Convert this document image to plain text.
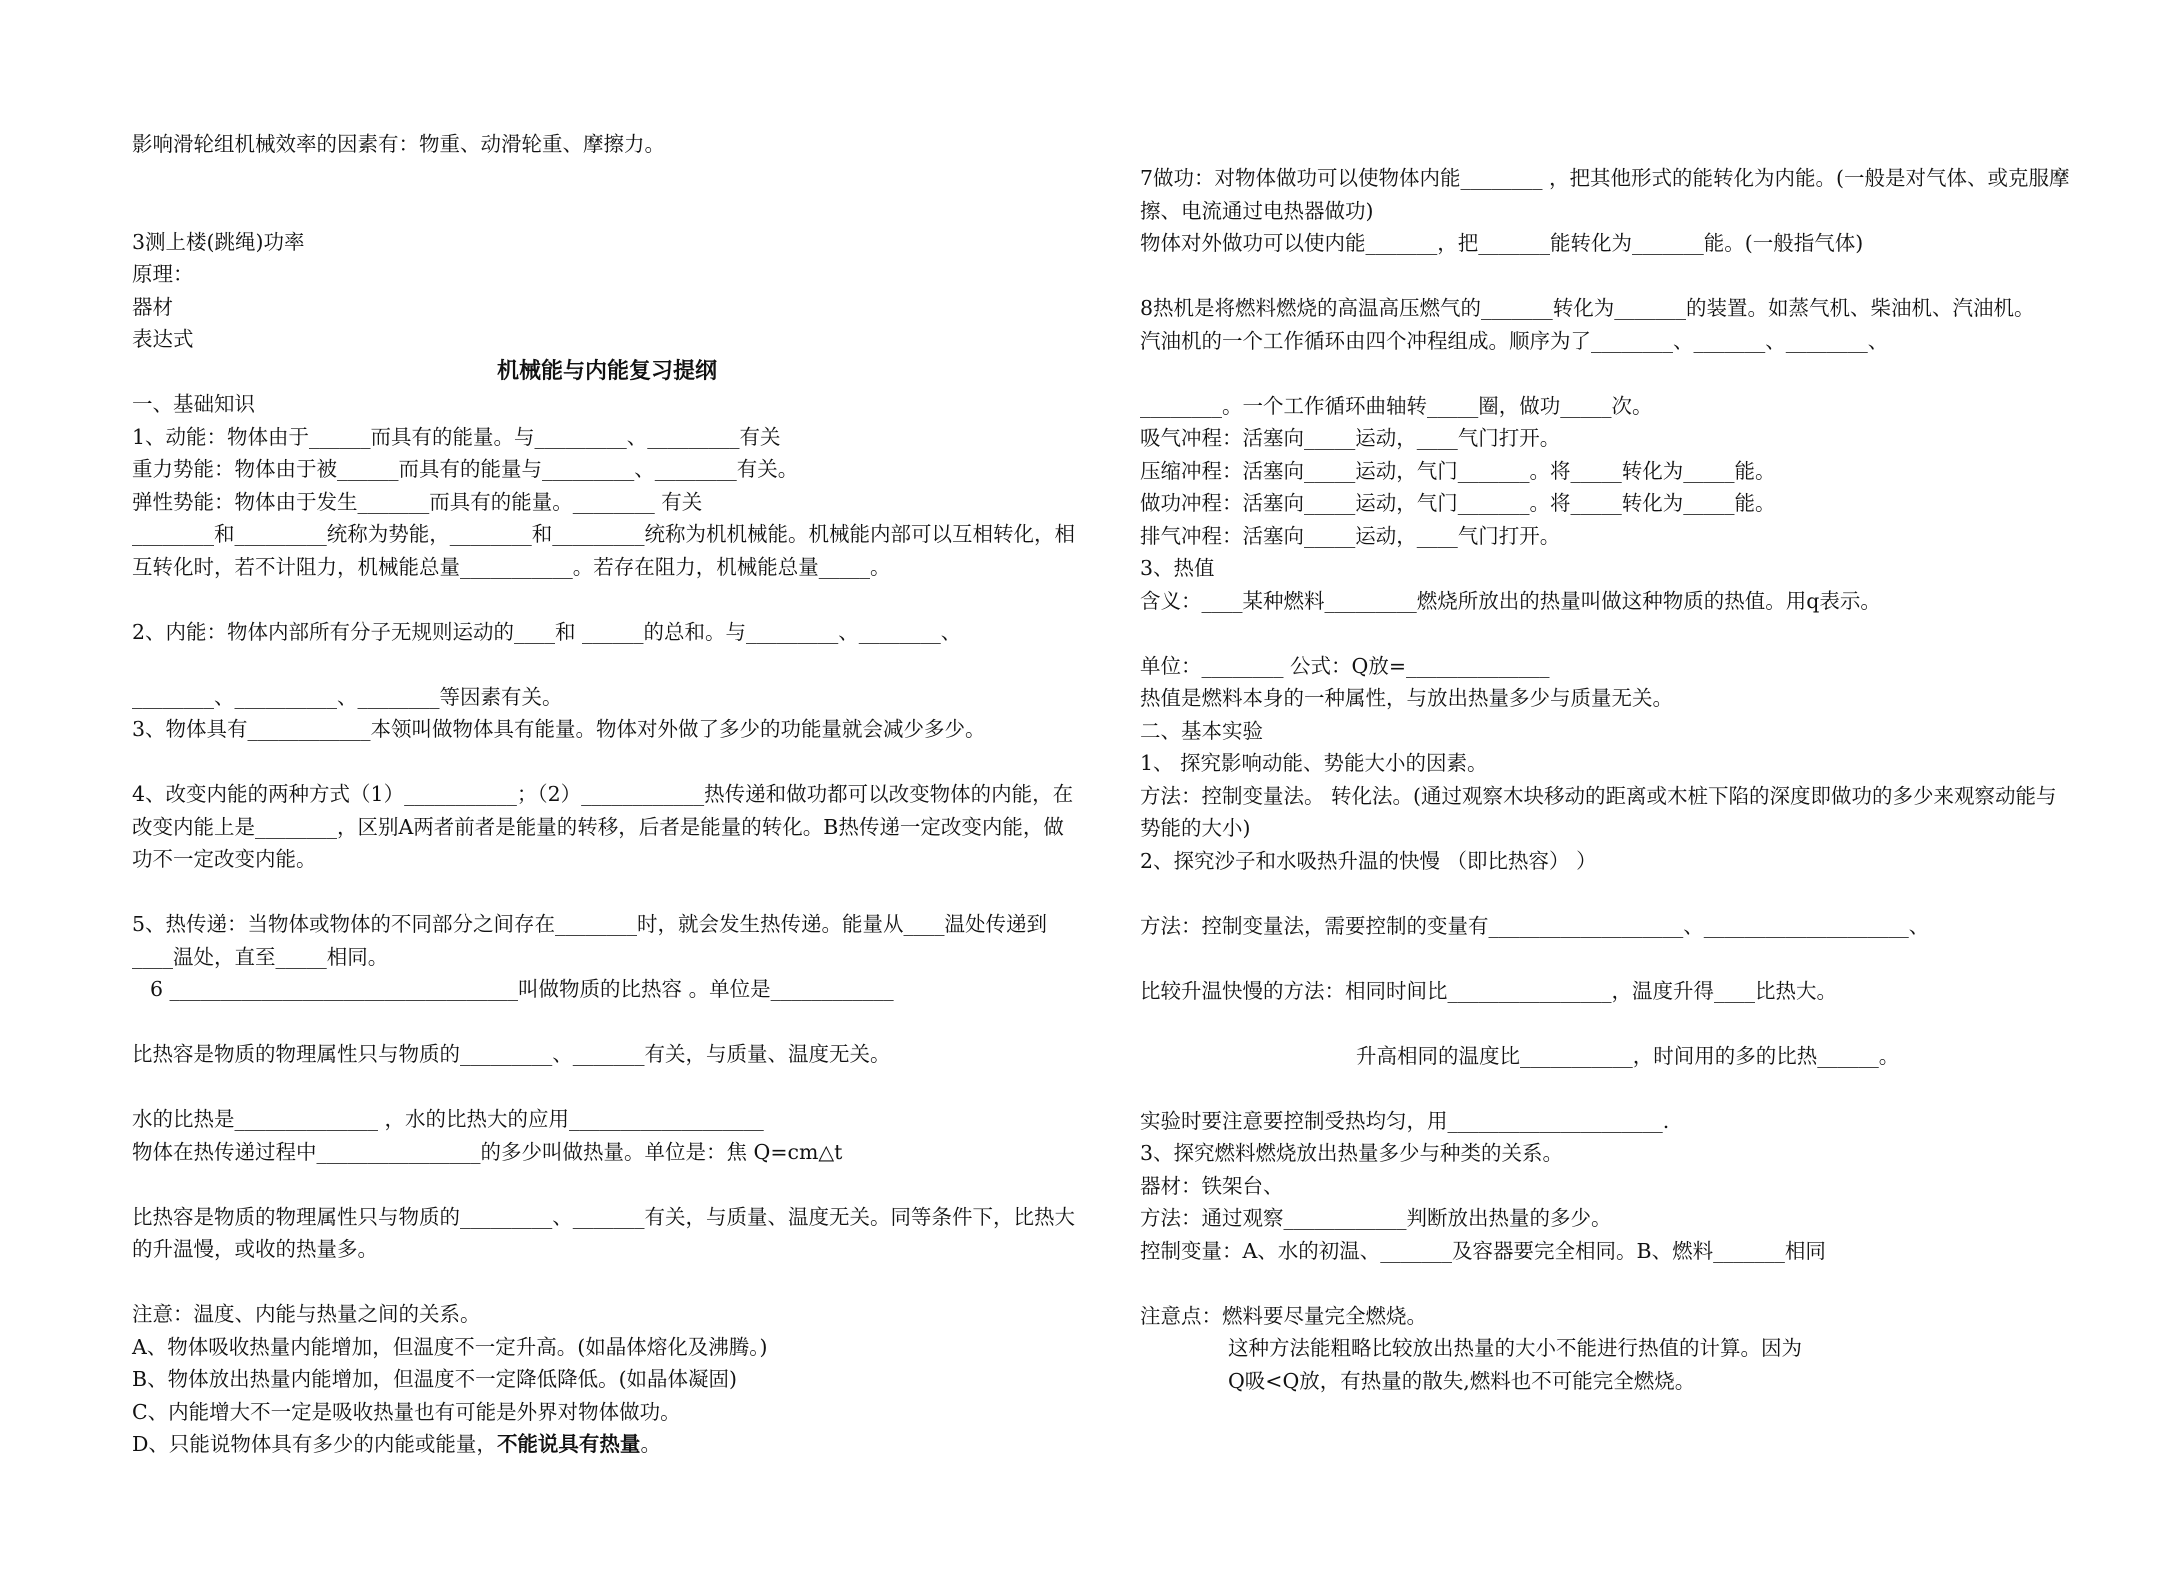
影响滑轮组机械效率的因素有：物重、动滑轮重、摩擦力。
3测上楼(跳绳)功率
原理：
器材
表达式
机械能与内能复习提纲
一、基础知识
1、动能：物体由于______而具有的能量。与_________、_________有关
重力势能：物体由于被______而具有的能量与_________、________有关。
弹性势能：物体由于发生_______而具有的能量。________ 有关
________和_________统称为势能，________和_________统称为机机械能。机械能内部可以互相转化，相互转化时，若不计阻力，机械能总量___________。若存在阻力，机械能总量_____。
2、内能：物体内部所有分子无规则运动的____和 ______的总和。与_________、________、
________、__________、________等因素有关。
3、物体具有____________本领叫做物体具有能量。物体对外做了多少的功能量就会减少多少。
4、改变内能的两种方式（1）___________；（2）____________热传递和做功都可以改变物体的内能，在改变内能上是________，区别A两者前者是能量的转移，后者是能量的转化。B热传递一定改变内能，做功不一定改变内能。
5、热传递：当物体或物体的不同部分之间存在________时，就会发生热传递。能量从____温处传递到____温处，直至_____相同。
6 __________________________________叫做物质的比热容 。单位是____________
比热容是物质的物理属性只与物质的_________、_______有关，与质量、温度无关。
水的比热是______________ ，水的比热大的应用___________________
物体在热传递过程中________________的多少叫做热量。单位是：焦 Q=cm△t
比热容是物质的物理属性只与物质的_________、_______有关，与质量、温度无关。同等条件下，比热大的升温慢，或收的热量多。
注意：温度、内能与热量之间的关系。
A、物体吸收热量内能增加，但温度不一定升高。(如晶体熔化及沸腾。)
B、物体放出热量内能增加，但温度不一定降低降低。(如晶体凝固)
C、内能增大不一定是吸收热量也有可能是外界对物体做功。
D、只能说物体具有多少的内能或能量，不能说具有热量。
7做功：对物体做功可以使物体内能________ ，把其他形式的能转化为内能。(一般是对气体、或克服摩擦、电流通过电热器做功)
物体对外做功可以使内能_______，把_______能转化为_______能。(一般指气体)
8热机是将燃料燃烧的高温高压燃气的_______转化为_______的装置。如蒸气机、柴油机、汽油机。
汽油机的一个工作循环由四个冲程组成。顺序为了________、_______、________、
________。一个工作循环曲轴转_____圈，做功_____次。
吸气冲程：活塞向_____运动，____气门打开。
压缩冲程：活塞向_____运动，气门_______。将_____转化为_____能。
做功冲程：活塞向_____运动，气门_______。将_____转化为_____能。
排气冲程：活塞向_____运动，____气门打开。
3、热值
含义：____某种燃料_________燃烧所放出的热量叫做这种物质的热值。用q表示。
单位：________ 公式：Q放=______________
热值是燃料本身的一种属性，与放出热量多少与质量无关。
二、基本实验
1、 探究影响动能、势能大小的因素。
方法：控制变量法。 转化法。(通过观察木块移动的距离或木桩下陷的深度即做功的多少来观察动能与势能的大小)
2、探究沙子和水吸热升温的快慢 （即比热容） ）
方法：控制变量法，需要控制的变量有___________________、____________________、
比较升温快慢的方法：相同时间比________________，温度升得____比热大。
升高相同的温度比___________，时间用的多的比热______。
实验时要注意要控制受热均匀，用_____________________.
3、探究燃料燃烧放出热量多少与种类的关系。
器材：铁架台、
方法：通过观察____________判断放出热量的多少。
控制变量：A、水的初温、_______及容器要完全相同。B、燃料_______相同
注意点：燃料要尽量完全燃烧。
这种方法能粗略比较放出热量的大小不能进行热值的计算。因为
Q吸<Q放，有热量的散失,燃料也不可能完全燃烧。
